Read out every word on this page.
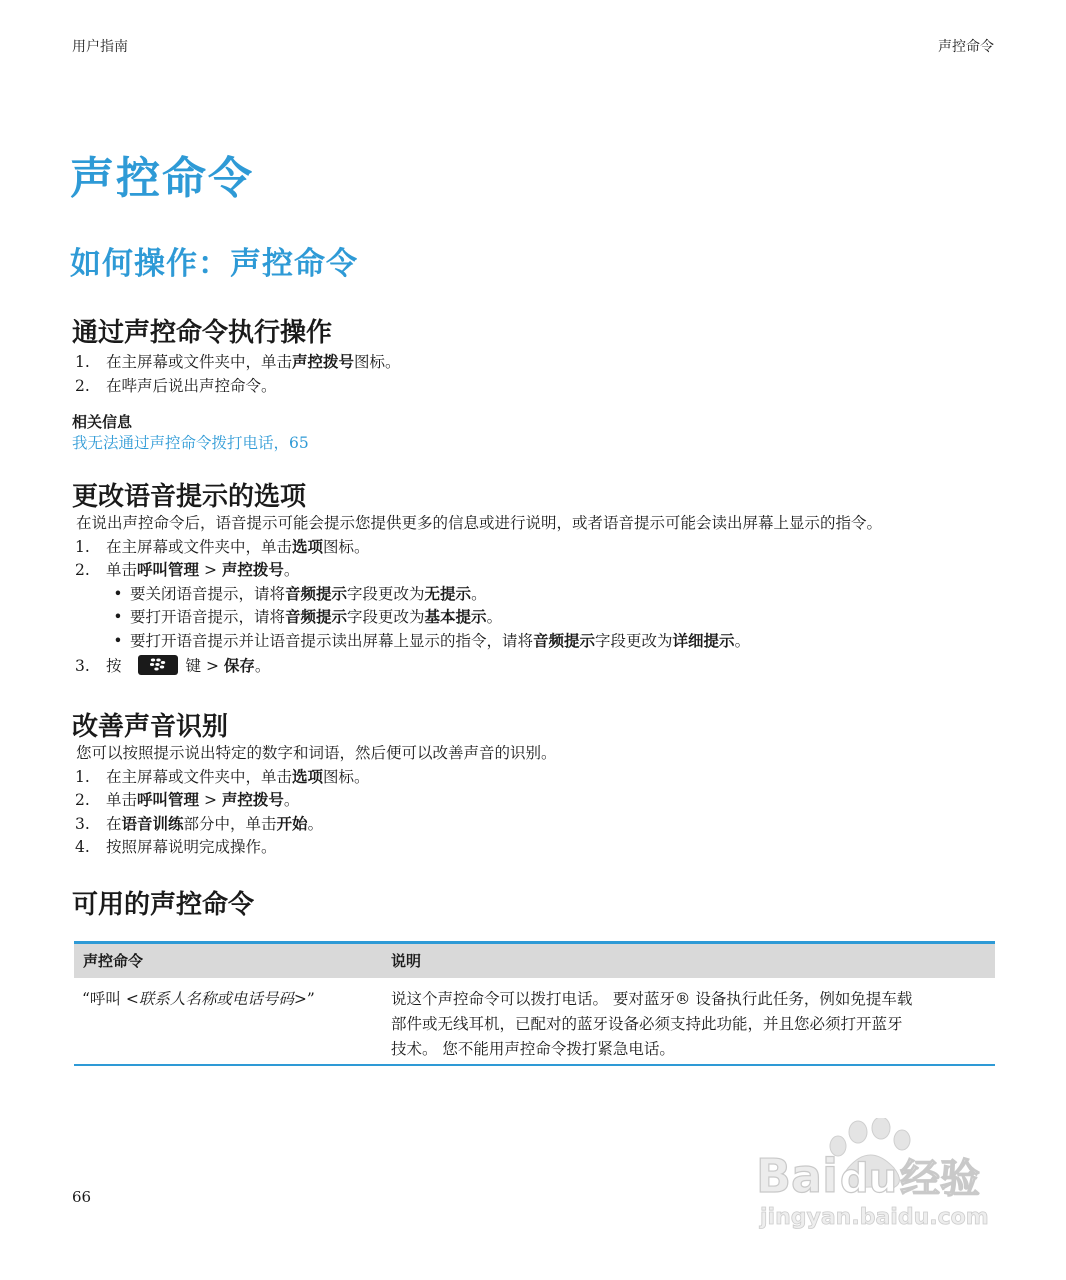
用户指南	声控命令
声控命令
如何操作：声控命令
通过声控命令执行操作
1.	在主屏幕或文件夹中，单击 声控拨号 图标。
2.	在哔声后说出声控命令。
相关信息
我无法通过声控命令拨打电话，65
更改语音提示的选项
在说出声控命令后，语音提示可能会提示您提供更多的信息或进行说明，或者语音提示可能会读出屏幕上显示的指令。
1.	在主屏幕或文件夹中，单击 选项 图标。
2.	单击 呼叫管理 > 声控拨号 。
• 要关闭语音提示，请将 音频提示 字段更改为 无提示 。
• 要打开语音提示，请将 音频提示 字段更改为 基本提示 。
• 要打开语音提示并让语音提示读出屏幕上显示的指令，请将 音频提示 字段更改为 详细提示 。
3.	按	键 > 保存 。
改善声音识别
您可以按照提示说出特定的数字和词语，然后便可以改善声音的识别。
1.	在主屏幕或文件夹中，单击 选项 图标。
2.	单击 呼叫管理 > 声控拨号 。
3.	在 语音训练 部分中，单击 开始 。
4.	按照屏幕说明完成操作。
可用的声控命令
声控命令	说明
“呼叫 <联系人名称或电话号码>”	说这个声控命令可以拨打电话。 要对蓝牙® 设备执行此任务，例如免提车载
部件或无线耳机，已配对的蓝牙设备必须支持此功能，并且您必须打开蓝牙
技术。 您不能用声控命令拨打紧急电话。
66	Bai du 经验
jingyan.baidu.com
